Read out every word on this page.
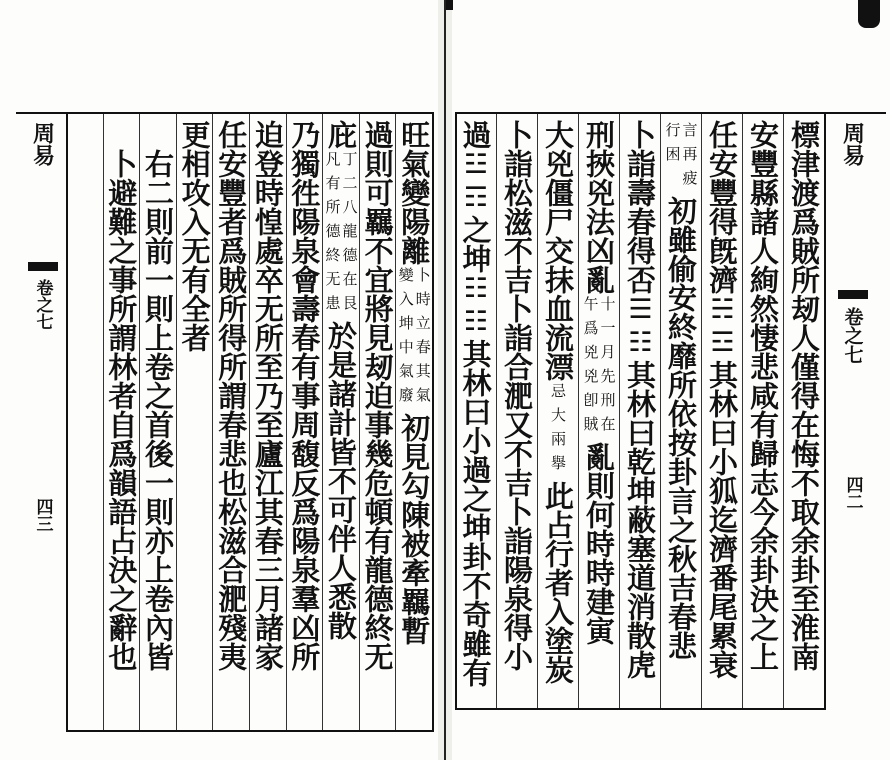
標津渡爲賊所刼人僅得在悔不取余卦至淮南
安豐縣諸人絢然悽悲咸有歸志今余卦決之上
任安豐得旣濟
☵☲
其林曰小狐迄濟番尾累衰
言再疲
行困
初雖偷安終靡所依按卦言之秋吉春悲
卜詣壽春得否
☰☷
其林曰乾坤蔽塞道消散虎
刑挾兇法凶亂
十一月先刑在
午爲兇兇卽賊
亂則何時時建寅
大兇僵尸交抹血流漂
忌大兩擧
此占行者入塗炭
卜詣松滋不吉卜詣合淝又不吉卜詣陽泉得小
過
☳☶
之坤
☷☷
其林曰小過之坤卦不奇雖有
周易
卷之七
四二
旺氣變陽離
卜時立春其氣
變入坤中氣廢
初見勾陳被牽羈暫
過則可羈不宜將見刼迫事幾危頓有龍德終无
庇
丁二八龍德在艮
凡有所德終无患
於是諸計皆不可伴人悉散
乃獨徃陽泉會壽春有事周馥反爲陽泉羣凶所
迫登時惶處卒无所至乃至廬江其春三月諸家
任安豐者爲賊所得所謂春悲也松滋合淝殘夷
更相攻入无有全者
右二則前一則上卷之首後一則亦上卷內皆
卜避難之事所謂林者自爲韻語占決之辭也
周易
卷之七
四三
